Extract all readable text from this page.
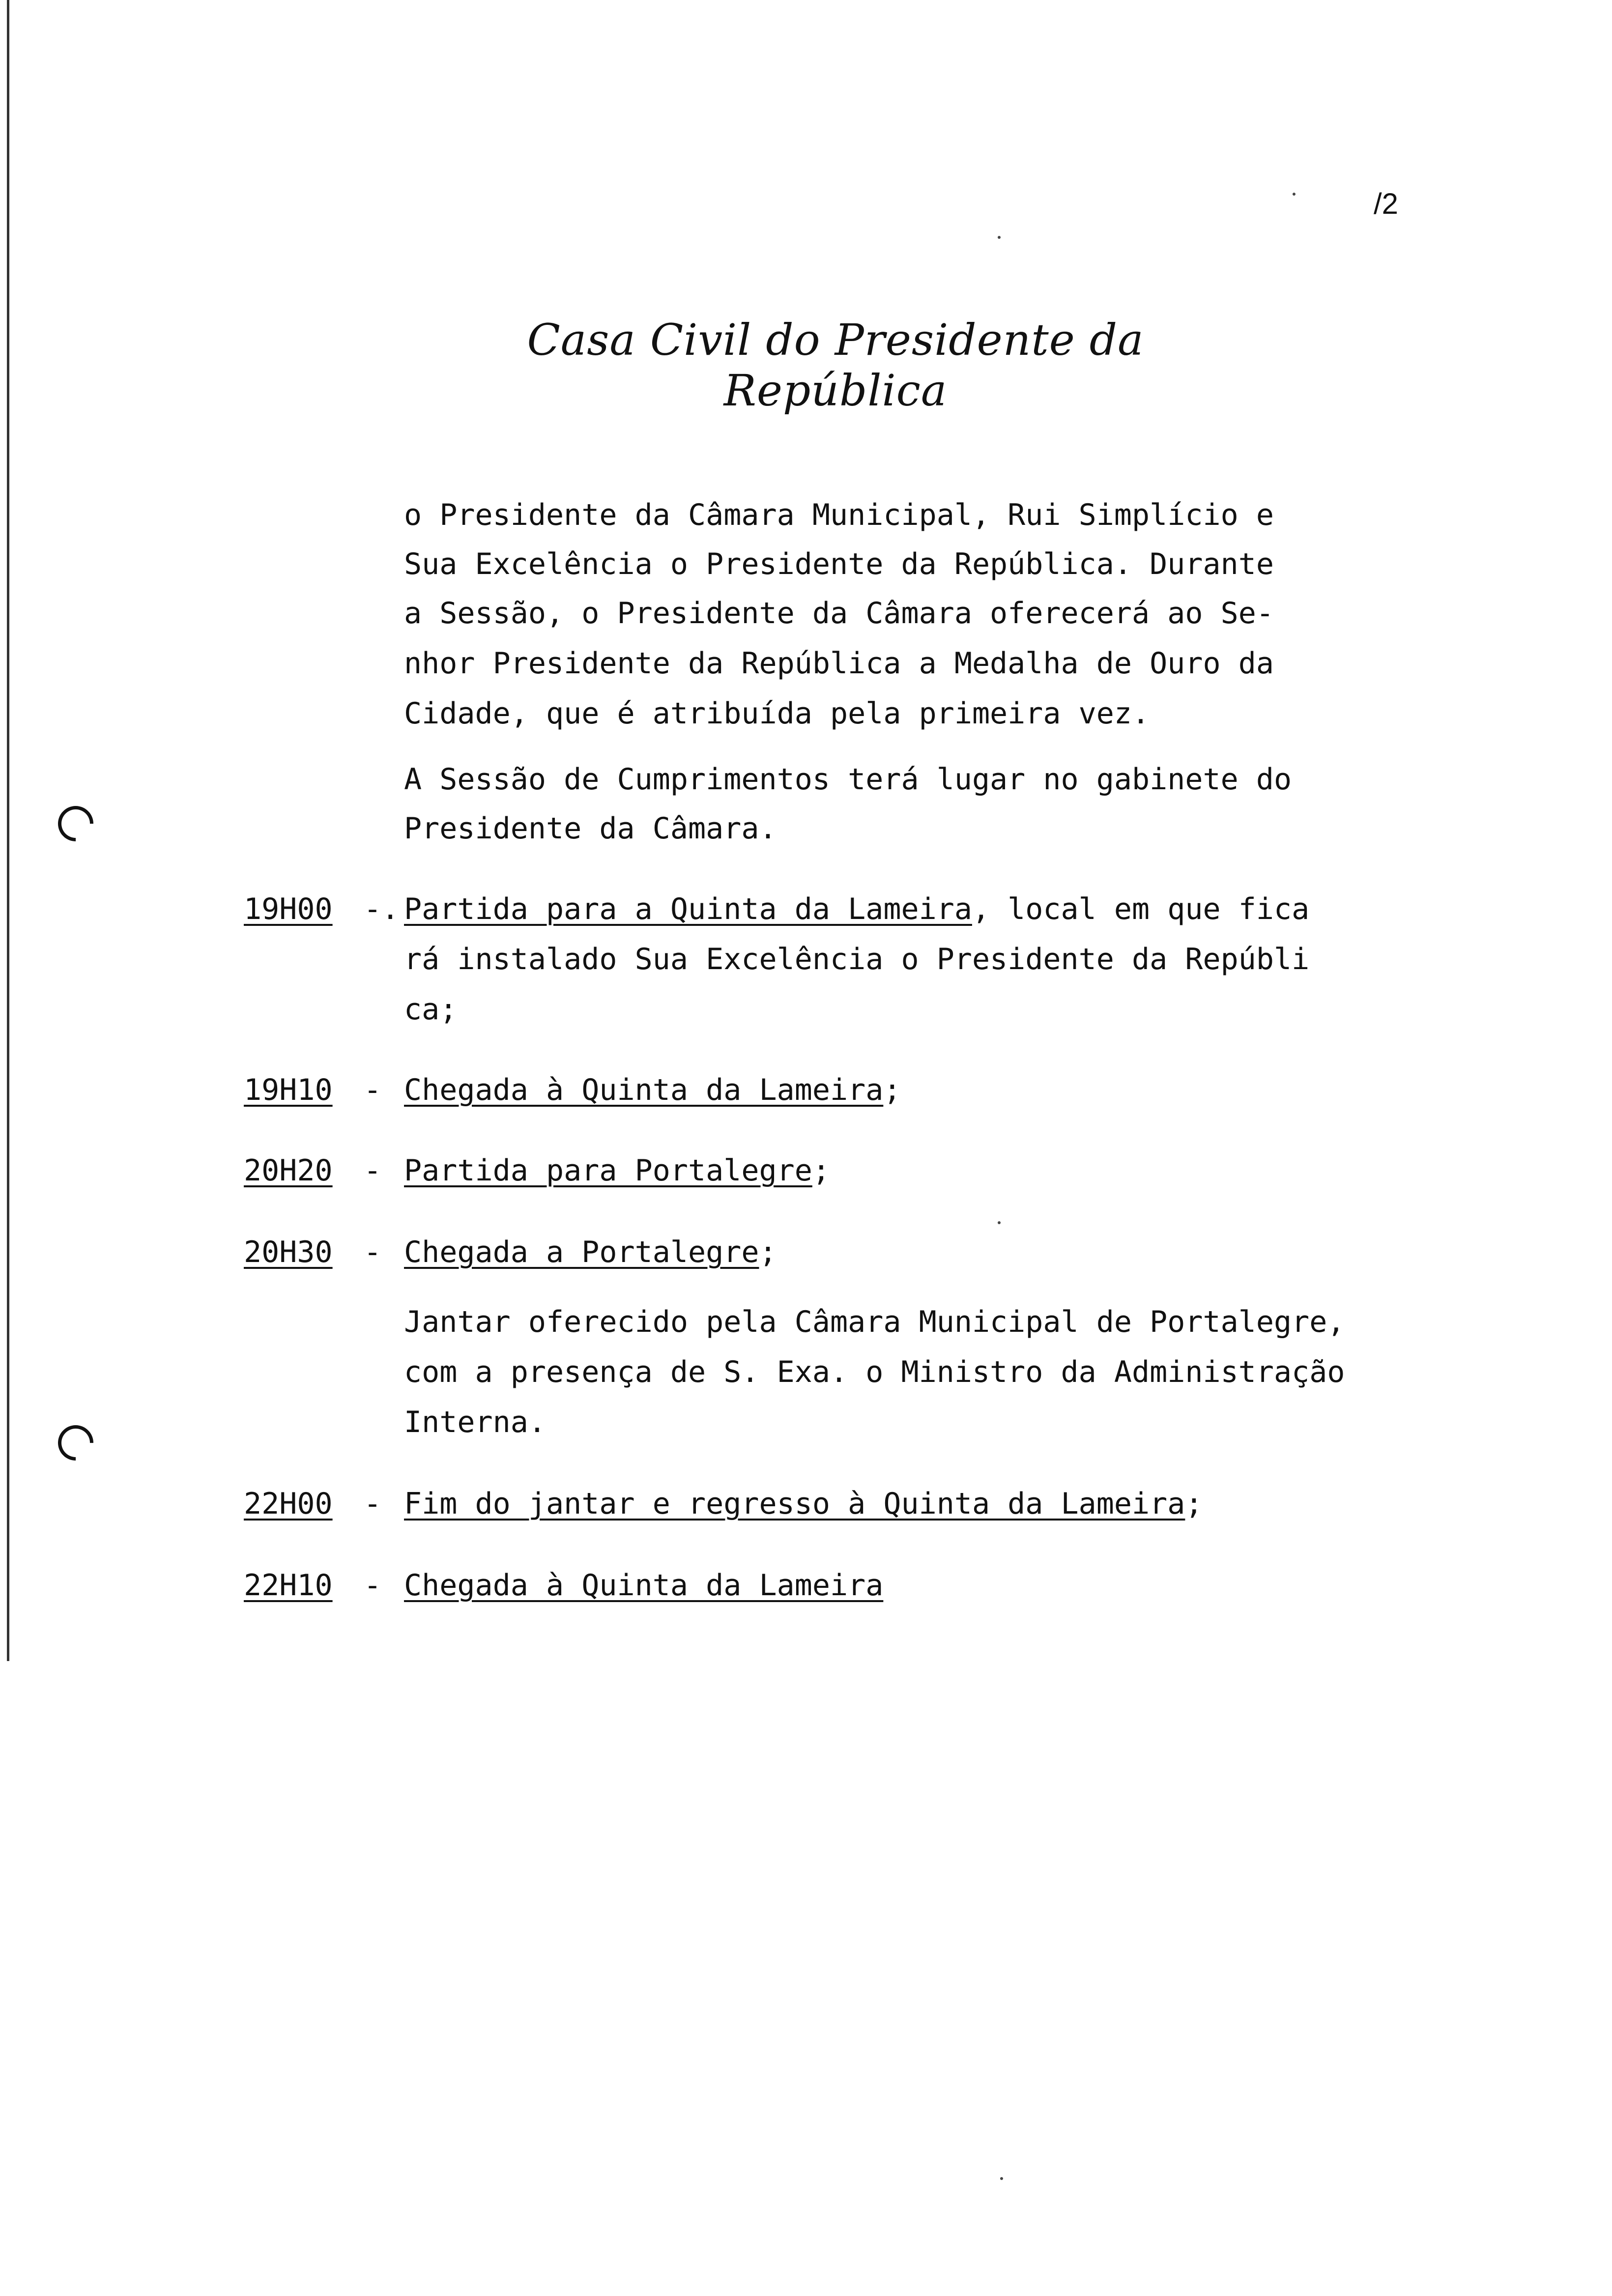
/2
Casa Civil do Presidente da República
o Presidente da Câmara Municipal, Rui Simplício e
Sua Excelência o Presidente da República. Durante
a Sessão, o Presidente da Câmara oferecerá ao Se-
nhor Presidente da República a Medalha de Ouro da
Cidade, que é atribuída pela primeira vez.
A Sessão de Cumprimentos terá lugar no gabinete do
Presidente da Câmara.
19H00 -. Partida para a Quinta da Lameira, local em que fica
rá instalado Sua Excelência o Presidente da Repúbli
ca;
19H10 - Chegada à Quinta da Lameira;
20H20 - Partida para Portalegre;
20H30 - Chegada a Portalegre;
Jantar oferecido pela Câmara Municipal de Portalegre,
com a presença de S. Exa. o Ministro da Administração
Interna.
22H00 - Fim do jantar e regresso à Quinta da Lameira;
22H10 - Chegada à Quinta da Lameira
